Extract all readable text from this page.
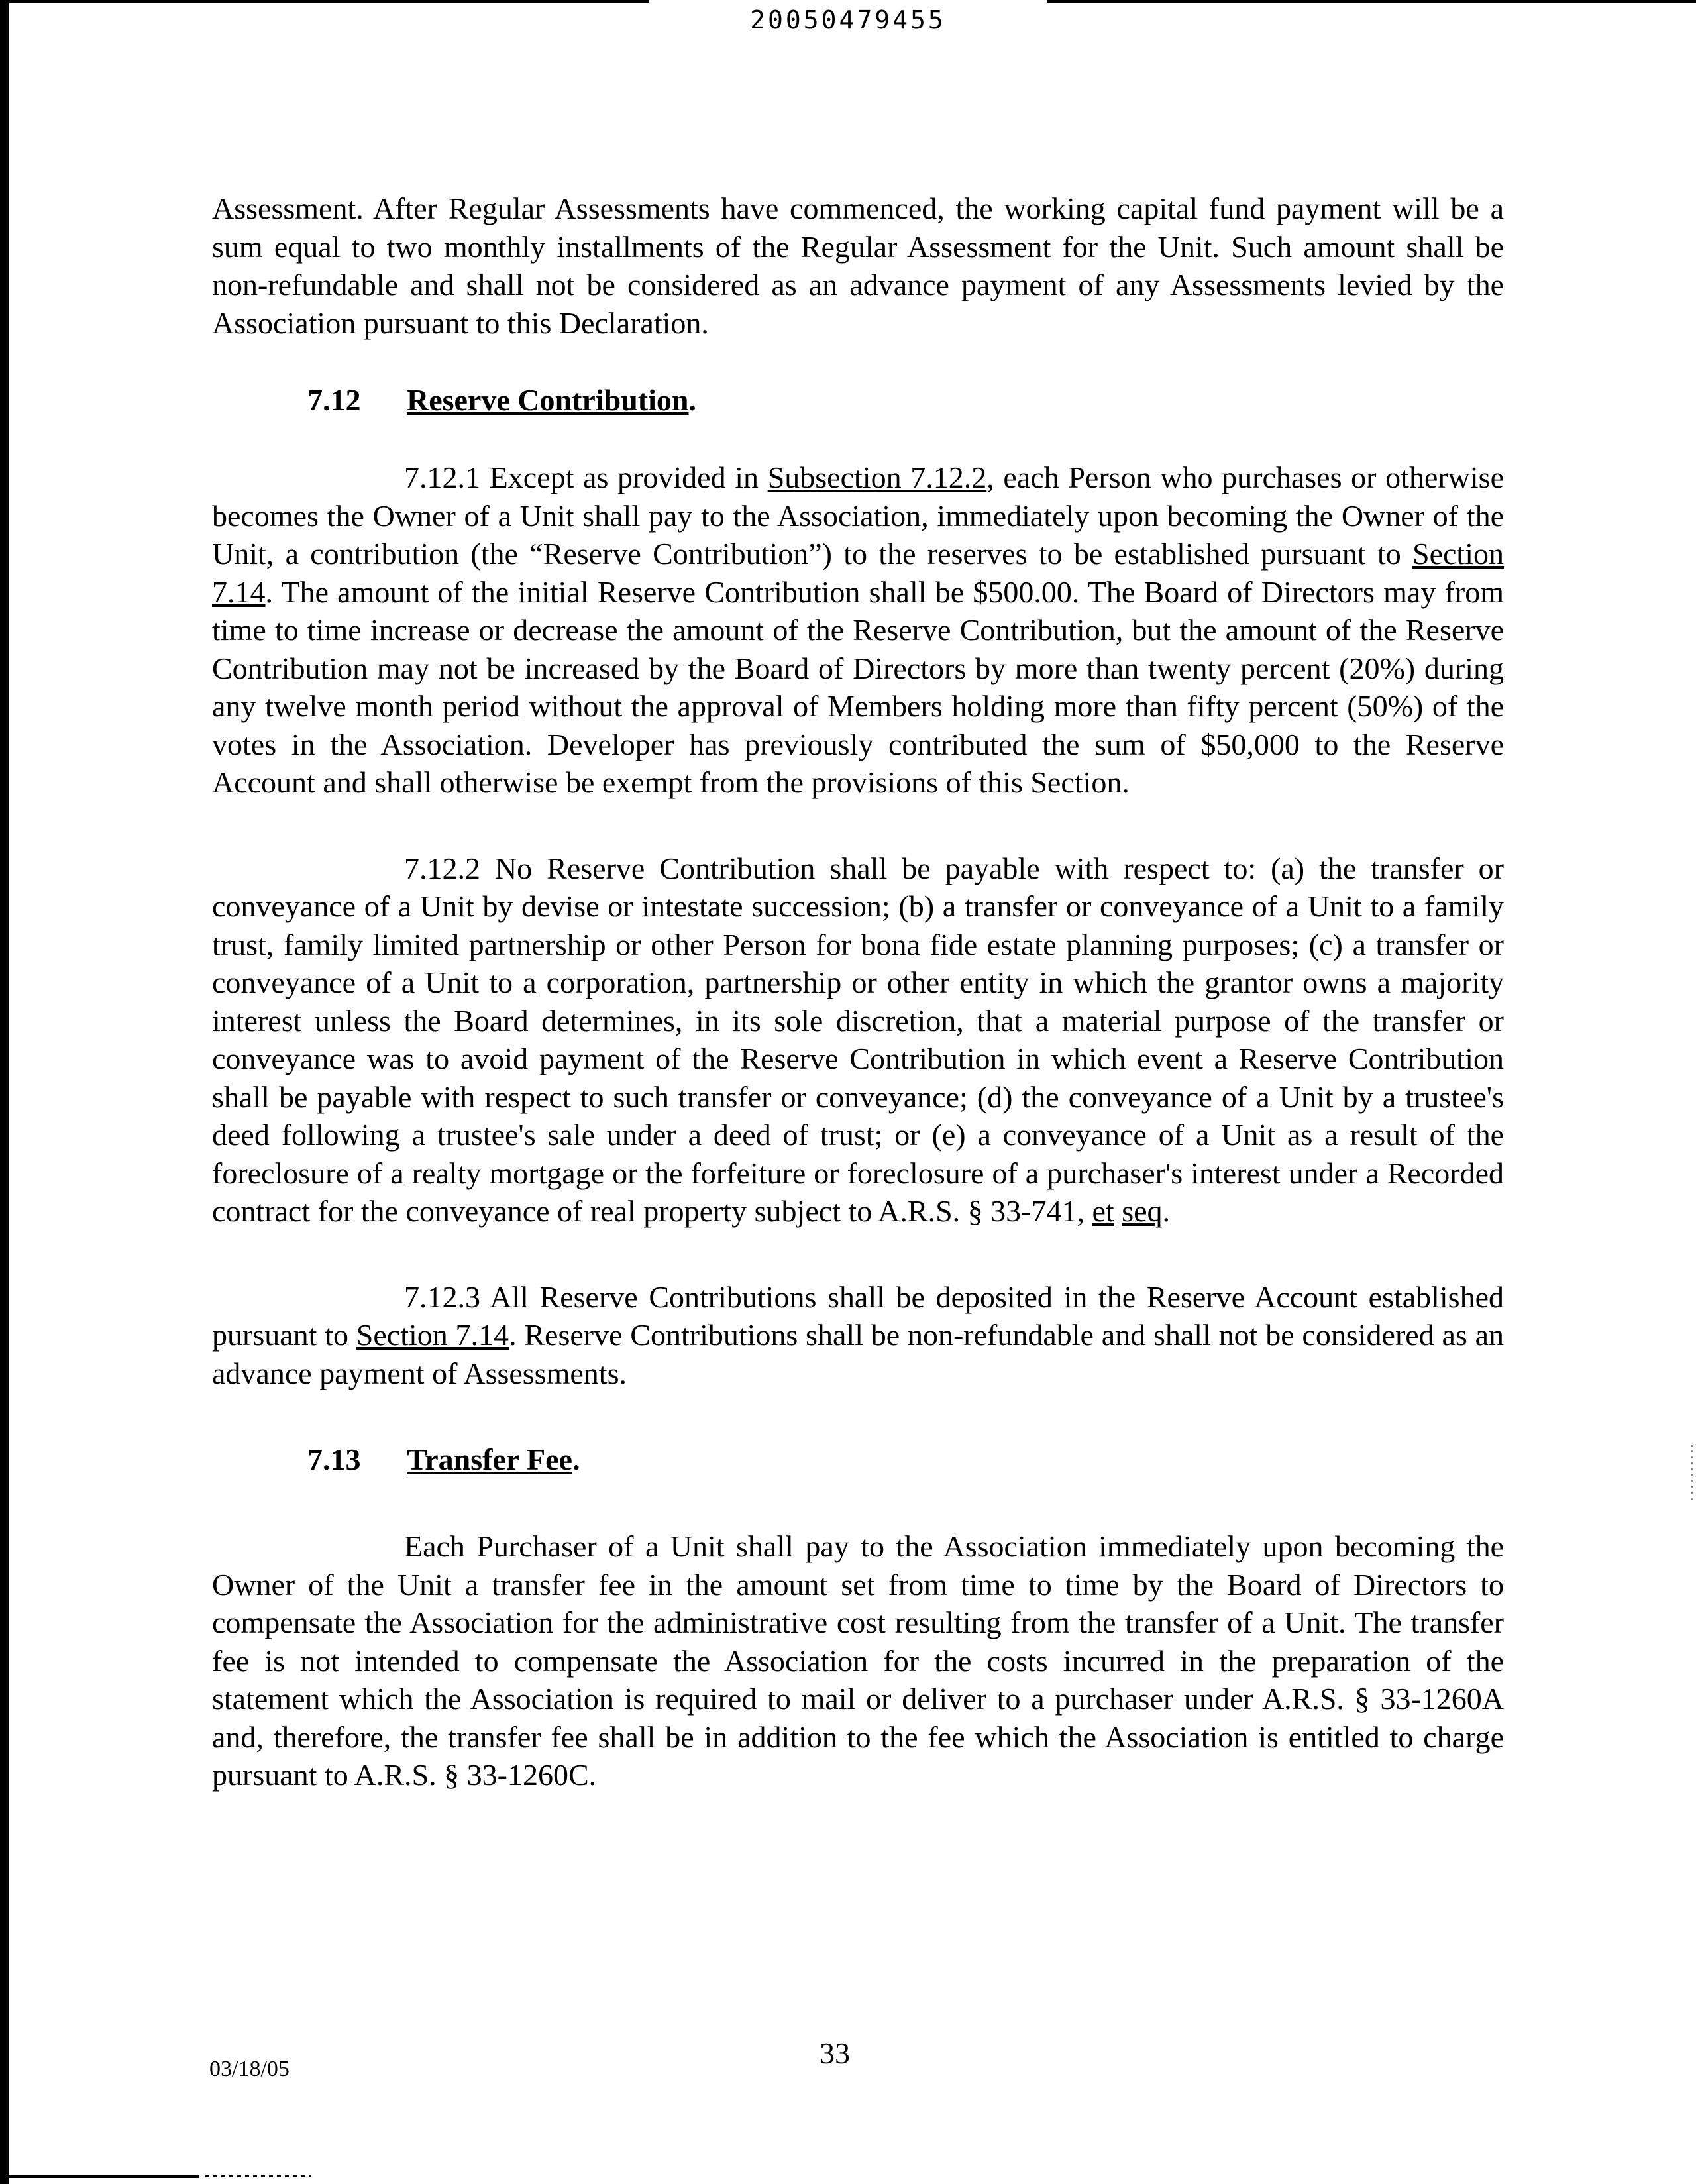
20050479455

Assessment. After Regular Assessments have commenced, the working capital fund payment will be a sum equal to two monthly installments of the Regular Assessment for the Unit. Such amount shall be non-refundable and shall not be considered as an advance payment of any Assessments levied by the Association pursuant to this Declaration.

7.12 Reserve Contribution.

7.12.1 Except as provided in Subsection 7.12.2, each Person who purchases or otherwise becomes the Owner of a Unit shall pay to the Association, immediately upon becoming the Owner of the Unit, a contribution (the “Reserve Contribution”) to the reserves to be established pursuant to Section 7.14. The amount of the initial Reserve Contribution shall be $500.00. The Board of Directors may from time to time increase or decrease the amount of the Reserve Contribution, but the amount of the Reserve Contribution may not be increased by the Board of Directors by more than twenty percent (20%) during any twelve month period without the approval of Members holding more than fifty percent (50%) of the votes in the Association. Developer has previously contributed the sum of $50,000 to the Reserve Account and shall otherwise be exempt from the provisions of this Section.

7.12.2 No Reserve Contribution shall be payable with respect to: (a) the transfer or conveyance of a Unit by devise or intestate succession; (b) a transfer or conveyance of a Unit to a family trust, family limited partnership or other Person for bona fide estate planning purposes; (c) a transfer or conveyance of a Unit to a corporation, partnership or other entity in which the grantor owns a majority interest unless the Board determines, in its sole discretion, that a material purpose of the transfer or conveyance was to avoid payment of the Reserve Contribution in which event a Reserve Contribution shall be payable with respect to such transfer or conveyance; (d) the conveyance of a Unit by a trustee's deed following a trustee's sale under a deed of trust; or (e) a conveyance of a Unit as a result of the foreclosure of a realty mortgage or the forfeiture or foreclosure of a purchaser's interest under a Recorded contract for the conveyance of real property subject to A.R.S. § 33-741, et seq.

7.12.3 All Reserve Contributions shall be deposited in the Reserve Account established pursuant to Section 7.14. Reserve Contributions shall be non-refundable and shall not be considered as an advance payment of Assessments.

7.13 Transfer Fee.

Each Purchaser of a Unit shall pay to the Association immediately upon becoming the Owner of the Unit a transfer fee in the amount set from time to time by the Board of Directors to compensate the Association for the administrative cost resulting from the transfer of a Unit. The transfer fee is not intended to compensate the Association for the costs incurred in the preparation of the statement which the Association is required to mail or deliver to a purchaser under A.R.S. § 33-1260A and, therefore, the transfer fee shall be in addition to the fee which the Association is entitled to charge pursuant to A.R.S. § 33-1260C.

33
03/18/05
